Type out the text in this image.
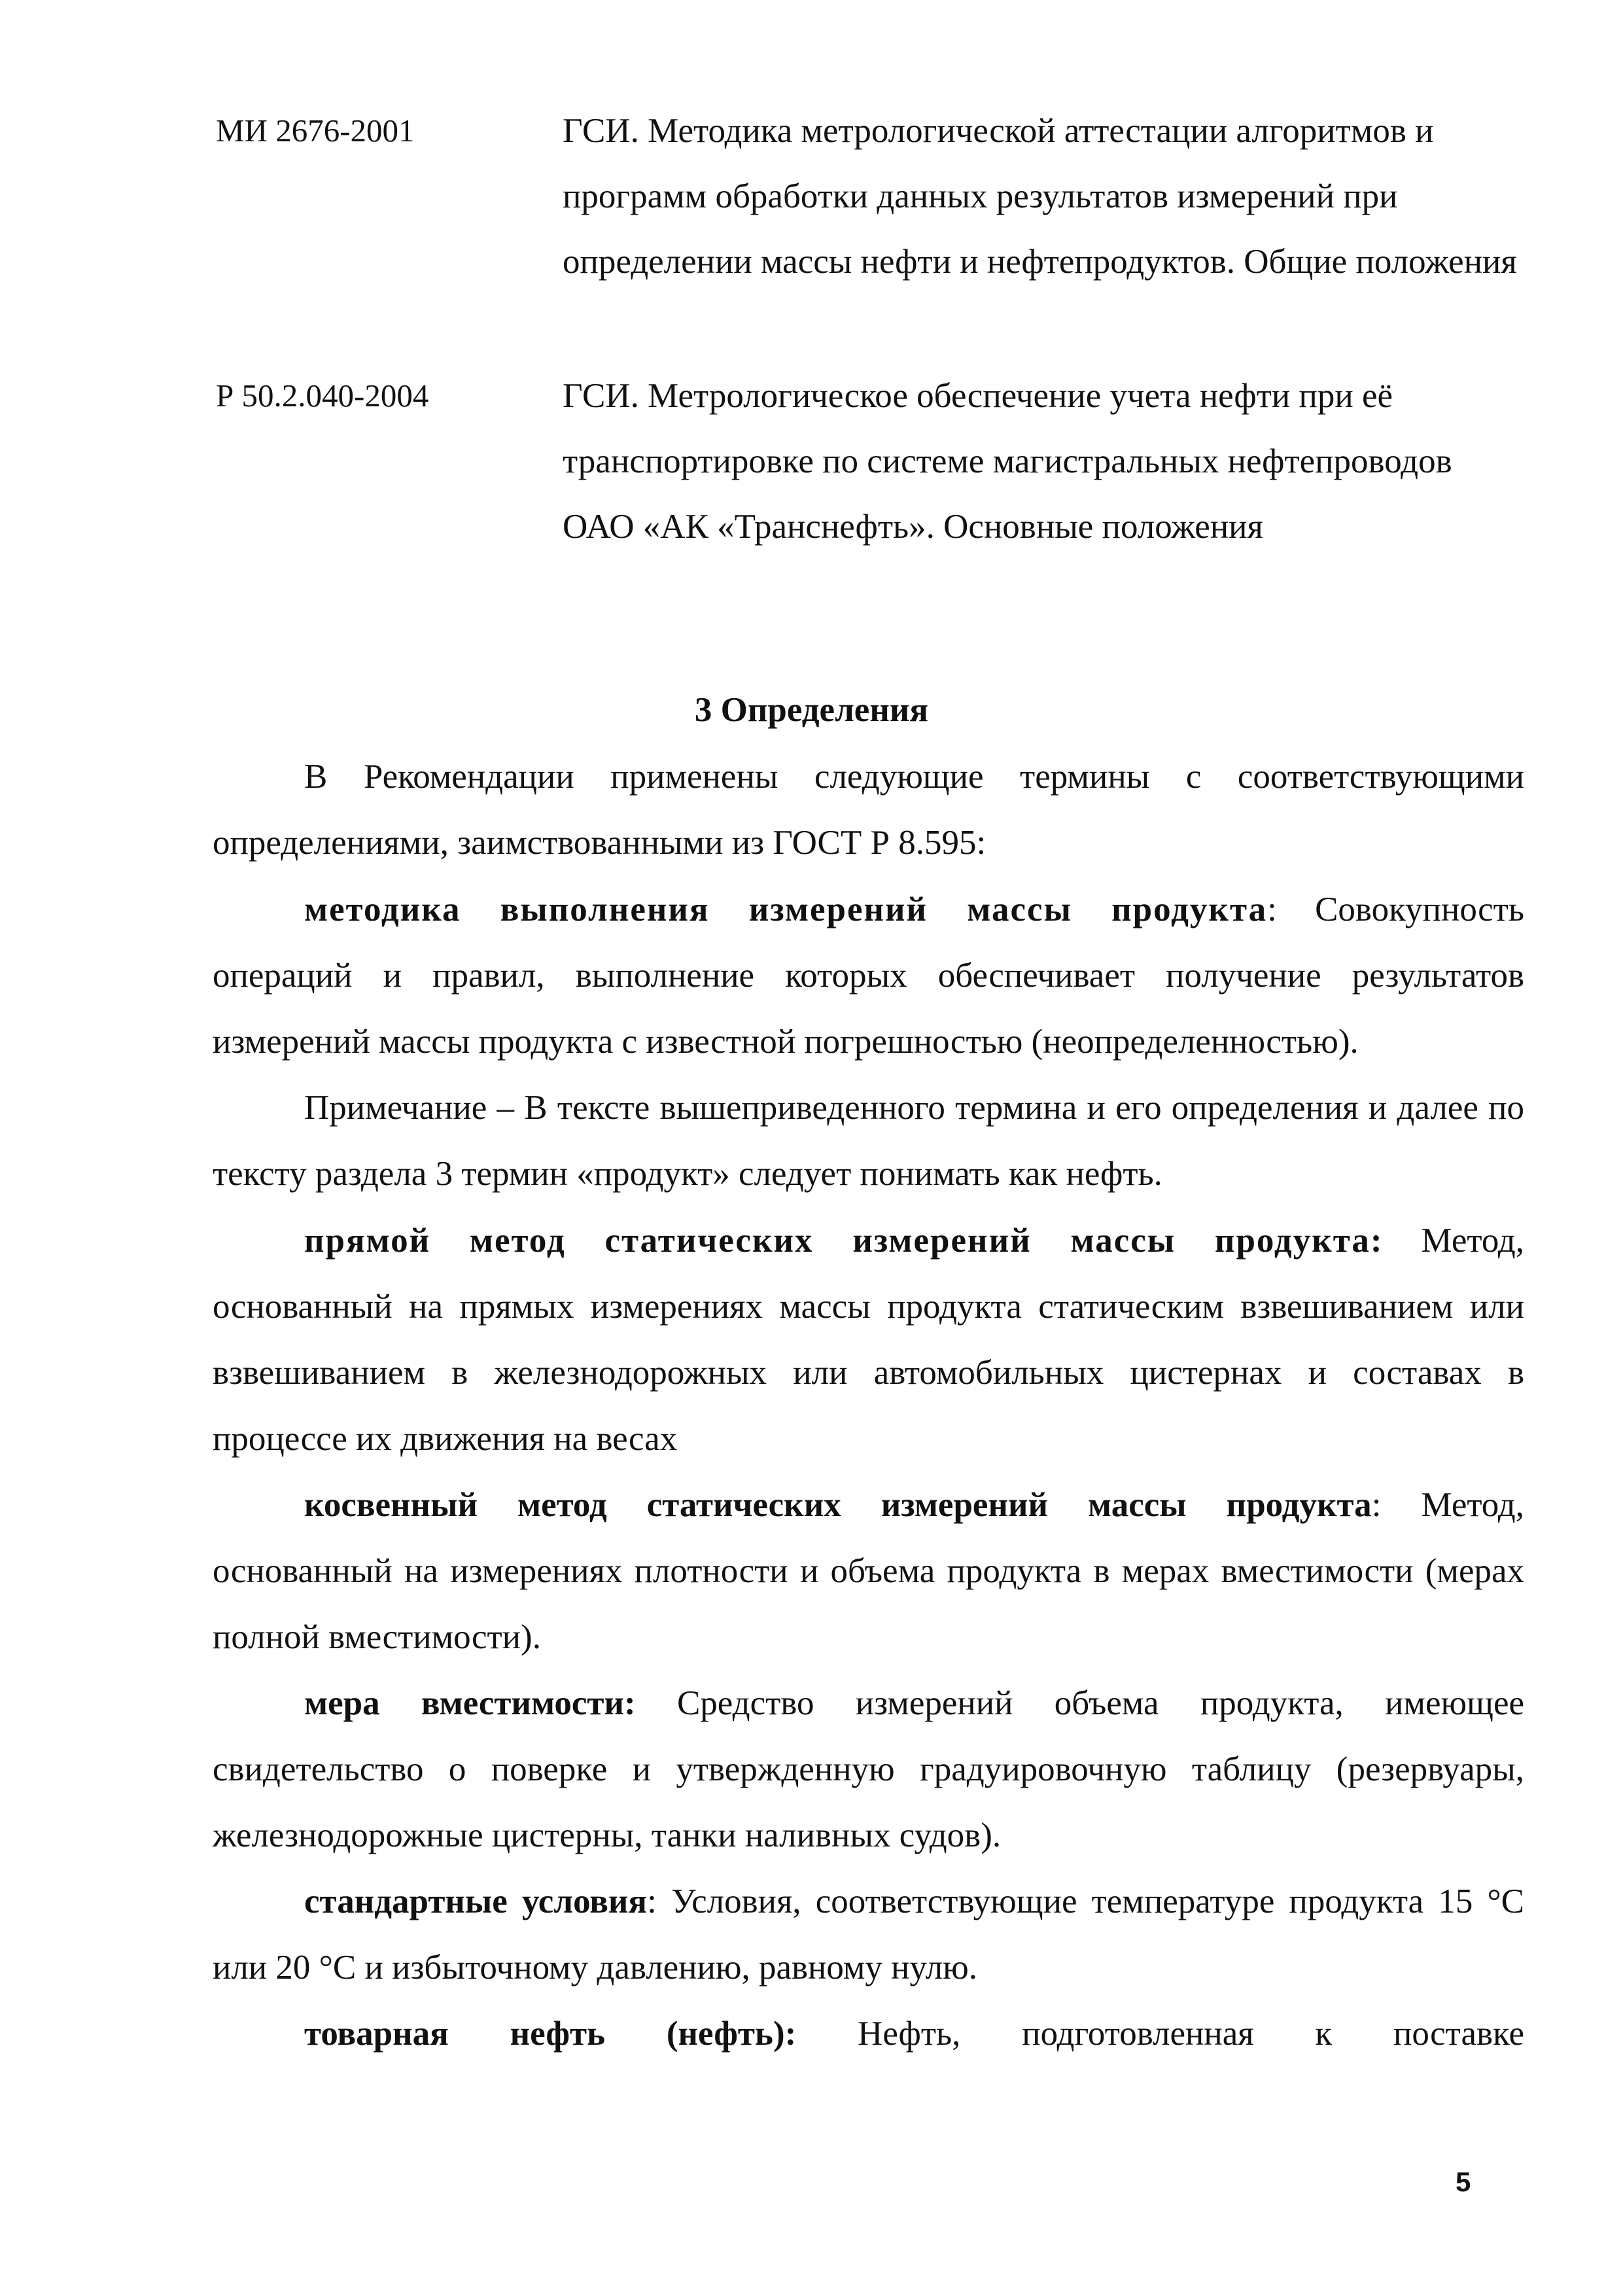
МИ 2676-2001	ГСИ. Методика метрологической аттестации алгоритмов и программ обработки данных результатов измерений при определении массы нефти и нефтепродуктов. Общие положения
Р 50.2.040-2004	ГСИ. Метрологическое обеспечение учета нефти при её транспортировке по системе магистральных нефтепроводов ОАО «АК «Транснефть». Основные положения
3 Определения
В Рекомендации применены следующие термины с соответствующими определениями, заимствованными из ГОСТ Р 8.595:
методика выполнения измерений массы продукта: Совокупность операций и правил, выполнение которых обеспечивает получение результатов измерений массы продукта с известной погрешностью (неопределенностью).
Примечание – В тексте вышеприведенного термина и его определения и далее по тексту раздела 3 термин «продукт» следует понимать как нефть.
прямой метод статических измерений массы продукта: Метод, основанный на прямых измерениях массы продукта статическим взвешиванием или взвешиванием в железнодорожных или автомобильных цистернах и составах в процессе их движения на весах
косвенный метод статических измерений массы продукта: Метод, основанный на измерениях плотности и объема продукта в мерах вместимости (мерах полной вместимости).
мера вместимости: Средство измерений объема продукта, имеющее свидетельство о поверке и утвержденную градуировочную таблицу (резервуары, железнодорожные цистерны, танки наливных судов).
стандартные условия: Условия, соответствующие температуре продукта 15 °С или 20 °С и избыточному давлению, равному нулю.
товарная нефть (нефть): Нефть, подготовленная к поставке
5
